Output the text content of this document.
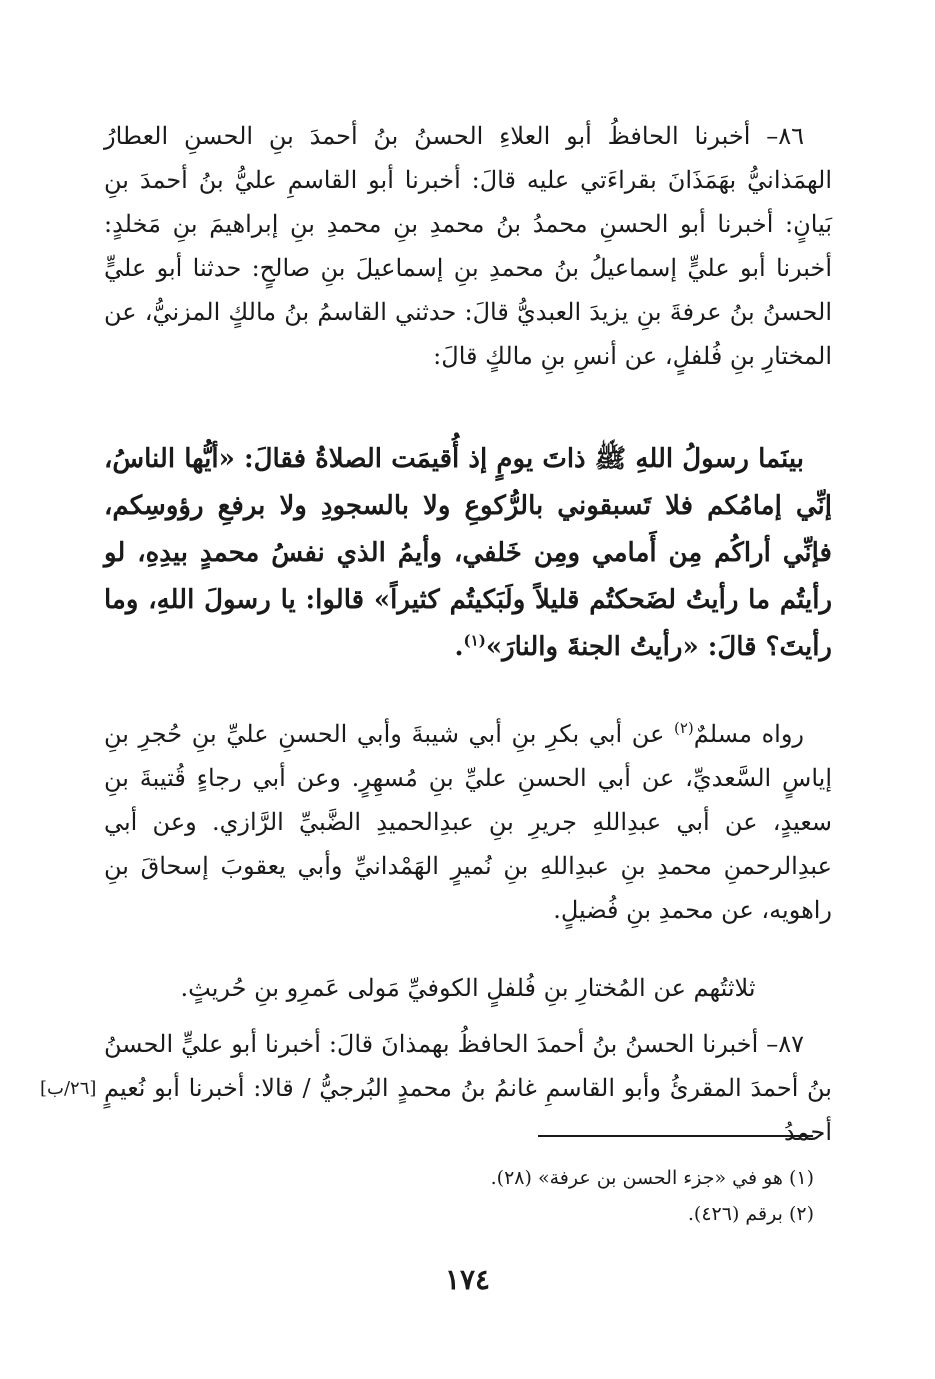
٨٦– أخبرنا الحافظُ أبو العلاءِ الحسنُ بنُ أحمدَ بنِ الحسنِ العطارُ الهمَذانيُّ بهَمَذَانَ بقراءَتي عليه قالَ: أخبرنا أبو القاسمِ عليُّ بنُ أحمدَ بنِ بَيانٍ: أخبرنا أبو الحسنِ محمدُ بنُ محمدِ بنِ محمدِ بنِ إبراهيمَ بنِ مَخلدٍ: أخبرنا أبو عليٍّ إسماعيلُ بنُ محمدِ بنِ إسماعيلَ بنِ صالحٍ: حدثنا أبو عليٍّ الحسنُ بنُ عرفةَ بنِ يزيدَ العبديُّ قالَ: حدثني القاسمُ بنُ مالكٍ المزنيُّ، عن المختارِ بنِ فُلفلٍ، عن أنسِ بنِ مالكٍ قالَ:

بينَما رسولُ اللهِ ﷺ ذاتَ يومٍ إذ أُقيمَت الصلاةُ فقالَ: «أيُّها الناسُ، إنِّي إمامُكم فلا تَسبقوني بالرُّكوعِ ولا بالسجودِ ولا برفعِ رؤوسِكم، فإنِّي أراكُم مِن أَمامي ومِن خَلفي، وأيمُ الذي نفسُ محمدٍ بيدِهِ، لو رأيتُم ما رأيتُ لضَحكتُم قليلاً ولَبَكيتُم كثيراً» قالوا: يا رسولَ اللهِ، وما رأيتَ؟ قالَ: «رأيتُ الجنةَ والنارَ»$^{(١)}$.

رواه مسلمٌ$^{(٢)}$ عن أبي بكرِ بنِ أبي شيبةَ وأبي الحسنِ عليِّ بنِ حُجرِ بنِ إياسٍ السَّعديِّ، عن أبي الحسنِ عليِّ بنِ مُسهِرٍ. وعن أبي رجاءٍ قُتيبةَ بنِ سعيدٍ، عن أبي عبدِاللهِ جريرِ بنِ عبدِالحميدِ الضَّبيِّ الرَّازي. وعن أبي عبدِالرحمنِ محمدِ بنِ عبدِاللهِ بنِ نُميرٍ الهَمْدانيِّ وأبي يعقوبَ إسحاقَ بنِ راهويه، عن محمدِ بنِ فُضيلٍ.

ثلاثتُهم عن المُختارِ بنِ فُلفلٍ الكوفيِّ مَولى عَمرِو بنِ حُريثٍ.

٨٧– أخبرنا الحسنُ بنُ أحمدَ الحافظُ بهمذانَ قالَ: أخبرنا أبو عليٍّ الحسنُ بنُ أحمدَ المقرئُ وأبو القاسمِ غانمُ بنُ محمدٍ البُرجيُّ / قالا: أخبرنا أبو نُعيمٍ أحمدُ

[٢٦/ب]

(١) هو في «جزء الحسن بن عرفة» (٢٨).

(٢) برقم (٤٢٦).

١٧٤
